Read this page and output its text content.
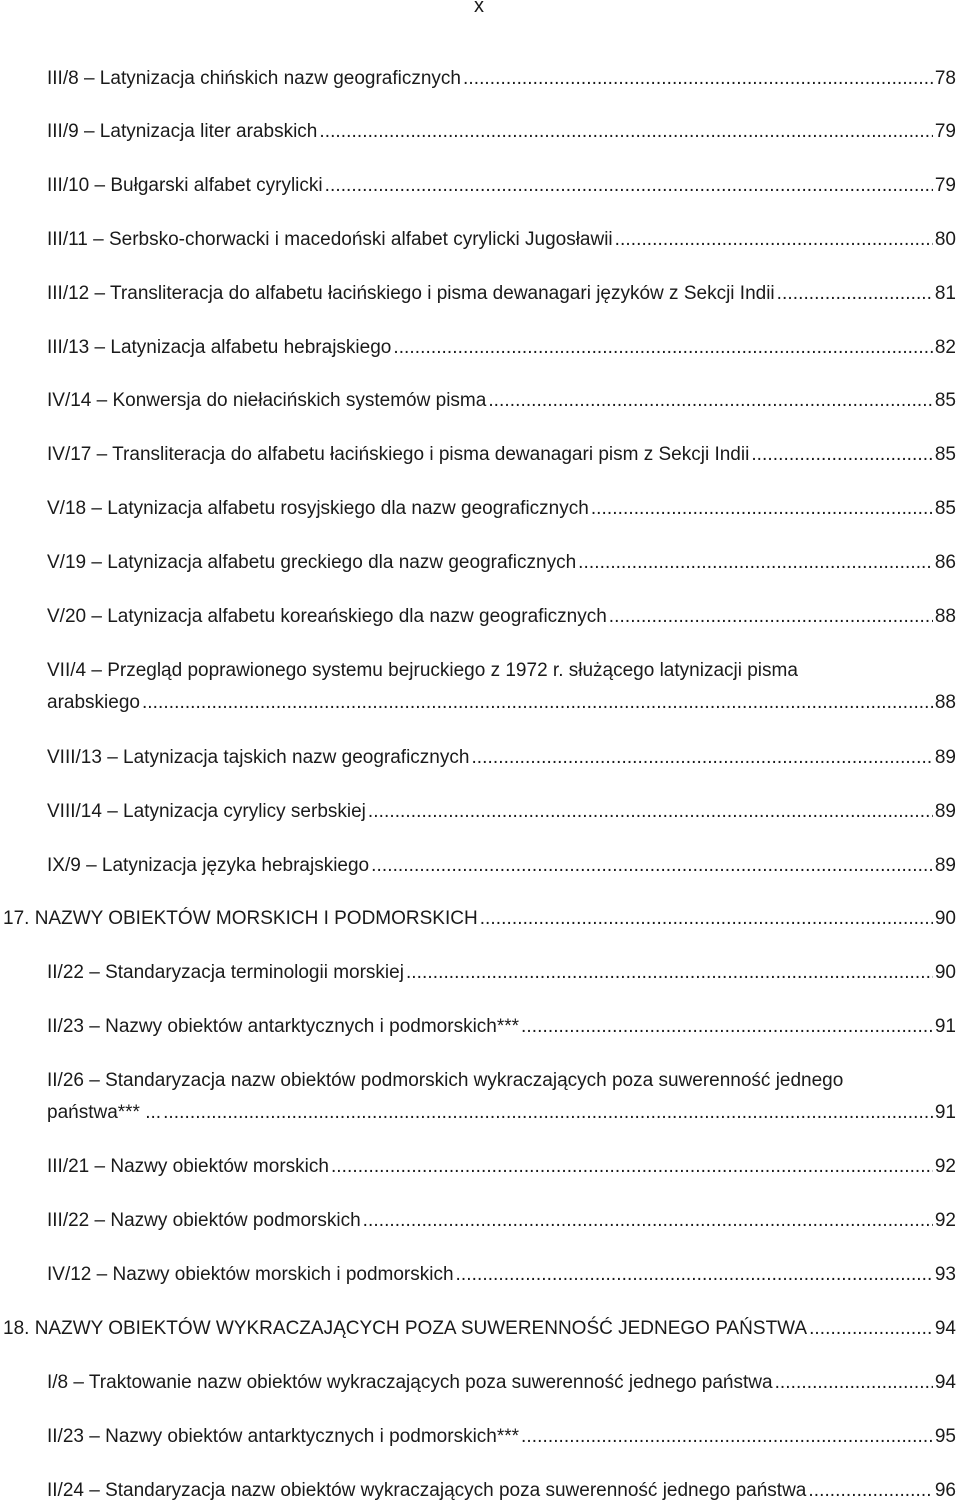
x
III/8 – Latynizacja chińskich nazw geograficznych . . .	78
III/9 – Latynizacja liter arabskich . . .	79
III/10 – Bułgarski alfabet cyrylicki . . .	79
III/11 – Serbsko-chorwacki i macedoński alfabet cyrylicki Jugosławii . . .	80
III/12 – Transliteracja do alfabetu łacińskiego i pisma dewanagari języków z Sekcji Indii . . .	81
III/13 – Latynizacja alfabetu hebrajskiego . . .	82
IV/14 – Konwersja do niełacińskich systemów pisma . . .	85
IV/17 – Transliteracja do alfabetu łacińskiego i pisma dewanagari pism z Sekcji Indii . . .	85
V/18 – Latynizacja alfabetu rosyjskiego dla nazw geograficznych . . .	85
V/19 – Latynizacja alfabetu greckiego dla nazw geograficznych . . .	86
V/20 – Latynizacja alfabetu koreańskiego dla nazw geograficznych . . .	88
VII/4 – Przegląd poprawionego systemu bejruckiego z 1972 r. służącego latynizacji pisma
arabskiego . . .	88
VIII/13 – Latynizacja tajskich nazw geograficznych . . .	89
VIII/14 – Latynizacja cyrylicy serbskiej . . .	89
IX/9 – Latynizacja języka hebrajskiego . . .	89
17. NAZWY OBIEKTÓW MORSKICH I PODMORSKICH . . .	90
II/22 – Standaryzacja terminologii morskiej . . .	90
II/23 – Nazwy obiektów antarktycznych i podmorskich*** . . .	91
II/26 – Standaryzacja nazw obiektów podmorskich wykraczających poza suwerenność jednego
państwa*** ... . . .	91
III/21 – Nazwy obiektów morskich . . .	92
III/22 – Nazwy obiektów podmorskich . . .	92
IV/12 – Nazwy obiektów morskich i podmorskich . . .	93
18. NAZWY OBIEKTÓW WYKRACZAJĄCYCH POZA SUWERENNOŚĆ JEDNEGO PAŃSTWA . . .	94
I/8 – Traktowanie nazw obiektów wykraczających poza suwerenność jednego państwa . . .	94
II/23 – Nazwy obiektów antarktycznych i podmorskich*** . . .	95
II/24 – Standaryzacja nazw obiektów wykraczających poza suwerenność jednego państwa . . .	96
